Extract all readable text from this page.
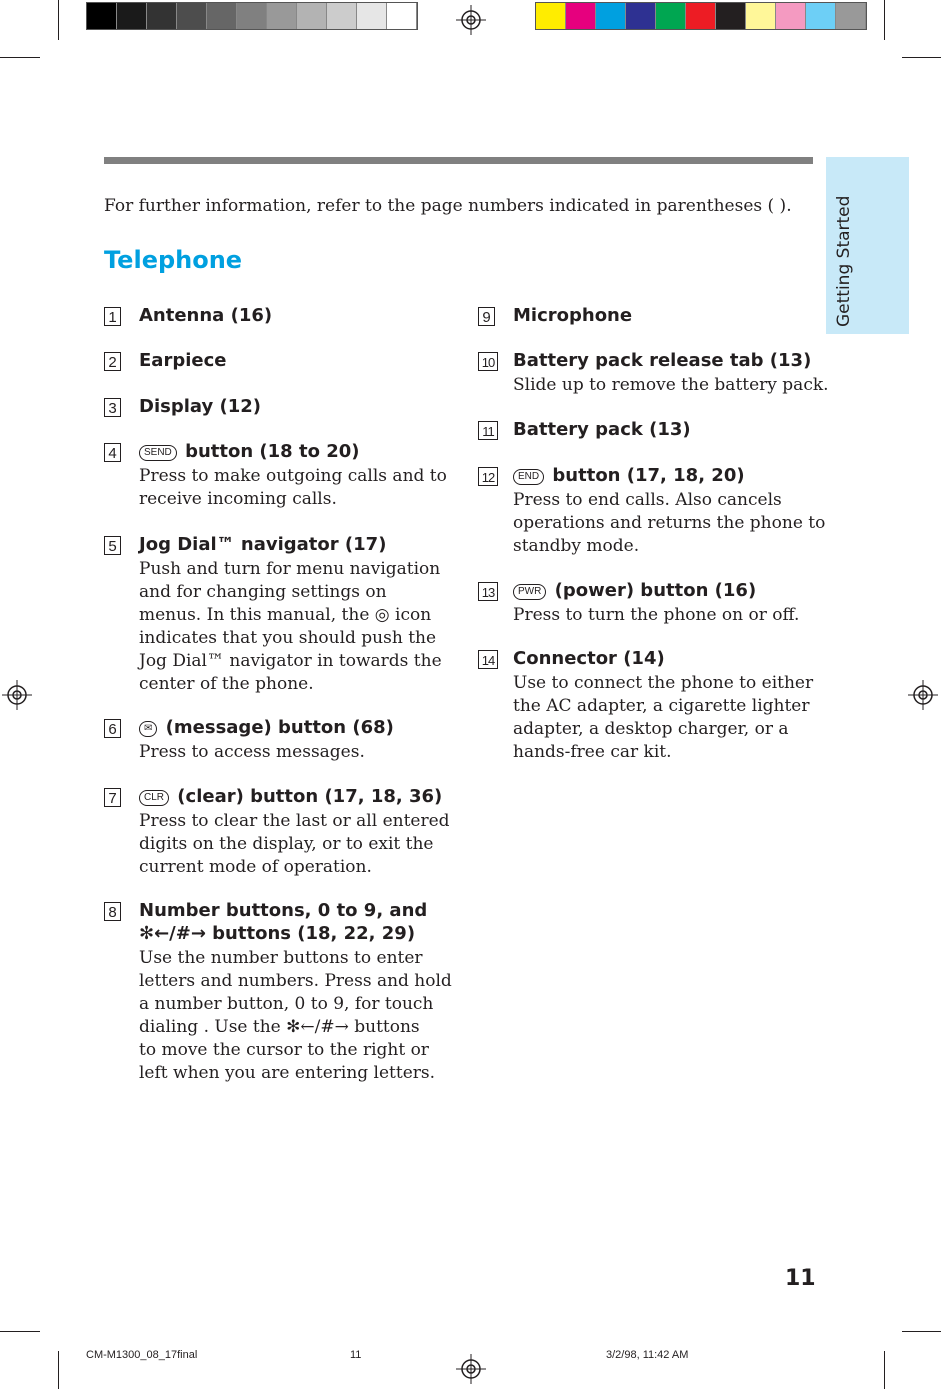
Getting Started
For further information, refer to the page numbers indicated in parentheses ( ).
Telephone
1 Antenna (16)
2 Earpiece
3 Display (12)
4	SEND button (18 to 20)
Press to make outgoing calls and to
receive incoming calls.
5 Jog Dial™ navigator (17)
Push and turn for menu navigation
and for changing settings on
menus. In this manual, the ◎ icon
indicates that you should push the
Jog Dial™ navigator in towards the
center of the phone.
6	✉ (message) button (68)
Press to access messages.
7	CLR (clear) button (17, 18, 36)
Press to clear the last or all entered
digits on the display, or to exit the
current mode of operation.
8 Number buttons, 0 to 9, and
✻←/#→ buttons (18, 22, 29)
Use the number buttons to enter
letters and numbers. Press and hold
a number button, 0 to 9, for touch
dialing . Use the ✻←/#→ buttons
to move the cursor to the right or
left when you are entering letters.
9 Microphone
10 Battery pack release tab (13)
Slide up to remove the battery pack.
11 Battery pack (13)
12	END button (17, 18, 20)
Press to end calls. Also cancels
operations and returns the phone to
standby mode.
13	PWR (power) button (16)
Press to turn the phone on or off.
14 Connector (14)
Use to connect the phone to either
the AC adapter, a cigarette lighter
adapter, a desktop charger, or a
hands-free car kit.
11
CM-M1300_08_17final	11	3/2/98, 11:42 AM
